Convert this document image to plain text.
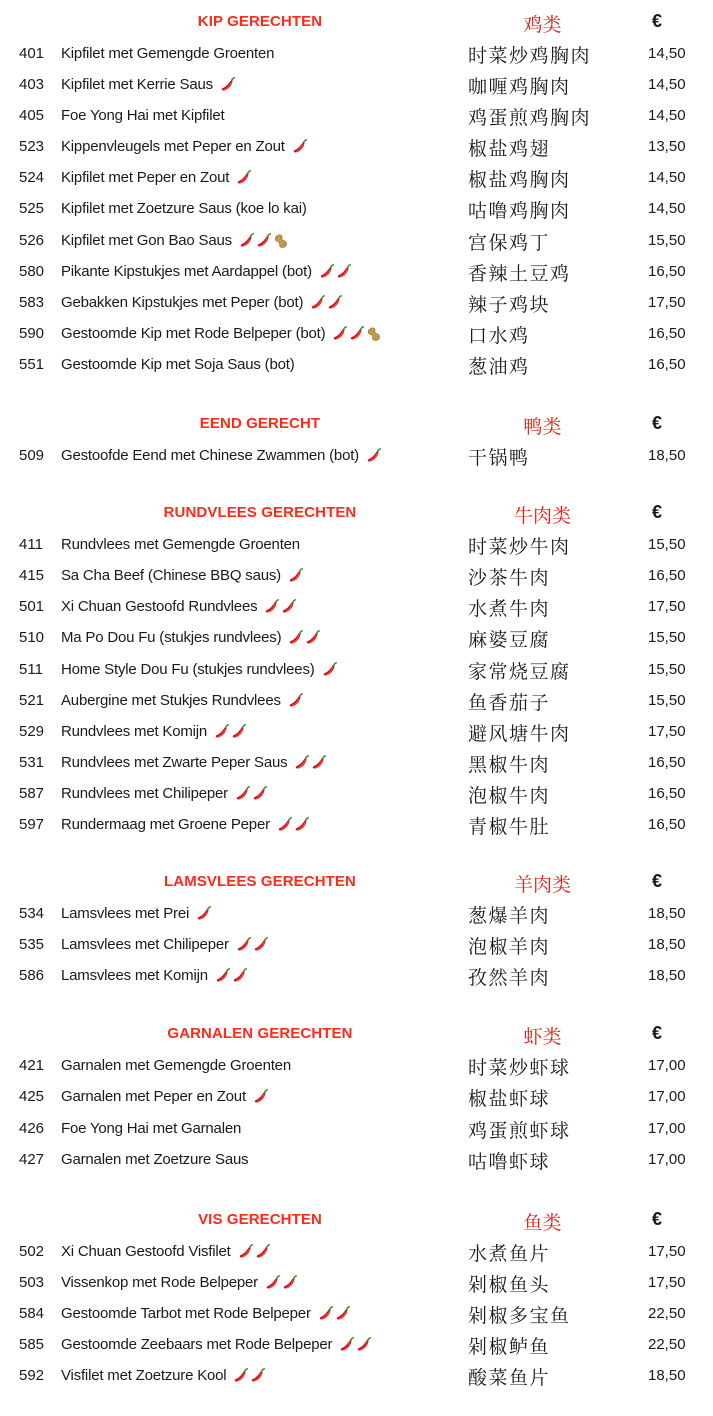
KIP GERECHTEN	鸡类	€
401 Kipfilet met Gemengde Groenten	时菜炒鸡胸肉	14,50
403 Kipfilet met Kerrie Saus	咖喱鸡胸肉	14,50
405 Foe Yong Hai met Kipfilet	鸡蛋煎鸡胸肉	14,50
523 Kippenvleugels met Peper en Zout	椒盐鸡翅	13,50
524 Kipfilet met Peper en Zout	椒盐鸡胸肉	14,50
525 Kipfilet met Zoetzure Saus (koe lo kai)	咕噜鸡胸肉	14,50
526 Kipfilet met Gon Bao Saus	宫保鸡丁	15,50
580 Pikante Kipstukjes met Aardappel (bot)	香辣土豆鸡	16,50
583 Gebakken Kipstukjes met Peper (bot)	辣子鸡块	17,50
590 Gestoomde Kip met Rode Belpeper (bot)	口水鸡	16,50
551 Gestoomde Kip met Soja Saus (bot)	葱油鸡	16,50
EEND GERECHT	鸭类	€
509 Gestoofde Eend met Chinese Zwammen (bot)	干锅鸭	18,50
RUNDVLEES GERECHTEN	牛肉类	€
411 Rundvlees met Gemengde Groenten	时菜炒牛肉	15,50
415 Sa Cha Beef (Chinese BBQ saus)	沙茶牛肉	16,50
501 Xi Chuan Gestoofd Rundvlees	水煮牛肉	17,50
510 Ma Po Dou Fu (stukjes rundvlees)	麻婆豆腐	15,50
511 Home Style Dou Fu (stukjes rundvlees)	家常烧豆腐	15,50
521 Aubergine met Stukjes Rundvlees	鱼香茄子	15,50
529 Rundvlees met Komijn	避风塘牛肉	17,50
531 Rundvlees met Zwarte Peper Saus	黑椒牛肉	16,50
587 Rundvlees met Chilipeper	泡椒牛肉	16,50
597 Rundermaag met Groene Peper	青椒牛肚	16,50
LAMSVLEES GERECHTEN	羊肉类	€
534 Lamsvlees met Prei	葱爆羊肉	18,50
535 Lamsvlees met Chilipeper	泡椒羊肉	18,50
586 Lamsvlees met Komijn	孜然羊肉	18,50
GARNALEN GERECHTEN	虾类	€
421 Garnalen met Gemengde Groenten	时菜炒虾球	17,00
425 Garnalen met Peper en Zout	椒盐虾球	17,00
426 Foe Yong Hai met Garnalen	鸡蛋煎虾球	17,00
427 Garnalen met Zoetzure Saus	咕噜虾球	17,00
VIS GERECHTEN	鱼类	€
502 Xi Chuan Gestoofd Visfilet	水煮鱼片	17,50
503 Vissenkop met Rode Belpeper	剁椒鱼头	17,50
584 Gestoomde Tarbot met Rode Belpeper	剁椒多宝鱼	22,50
585 Gestoomde Zeebaars met Rode Belpeper	剁椒鲈鱼	22,50
592 Visfilet met Zoetzure Kool	酸菜鱼片	18,50
